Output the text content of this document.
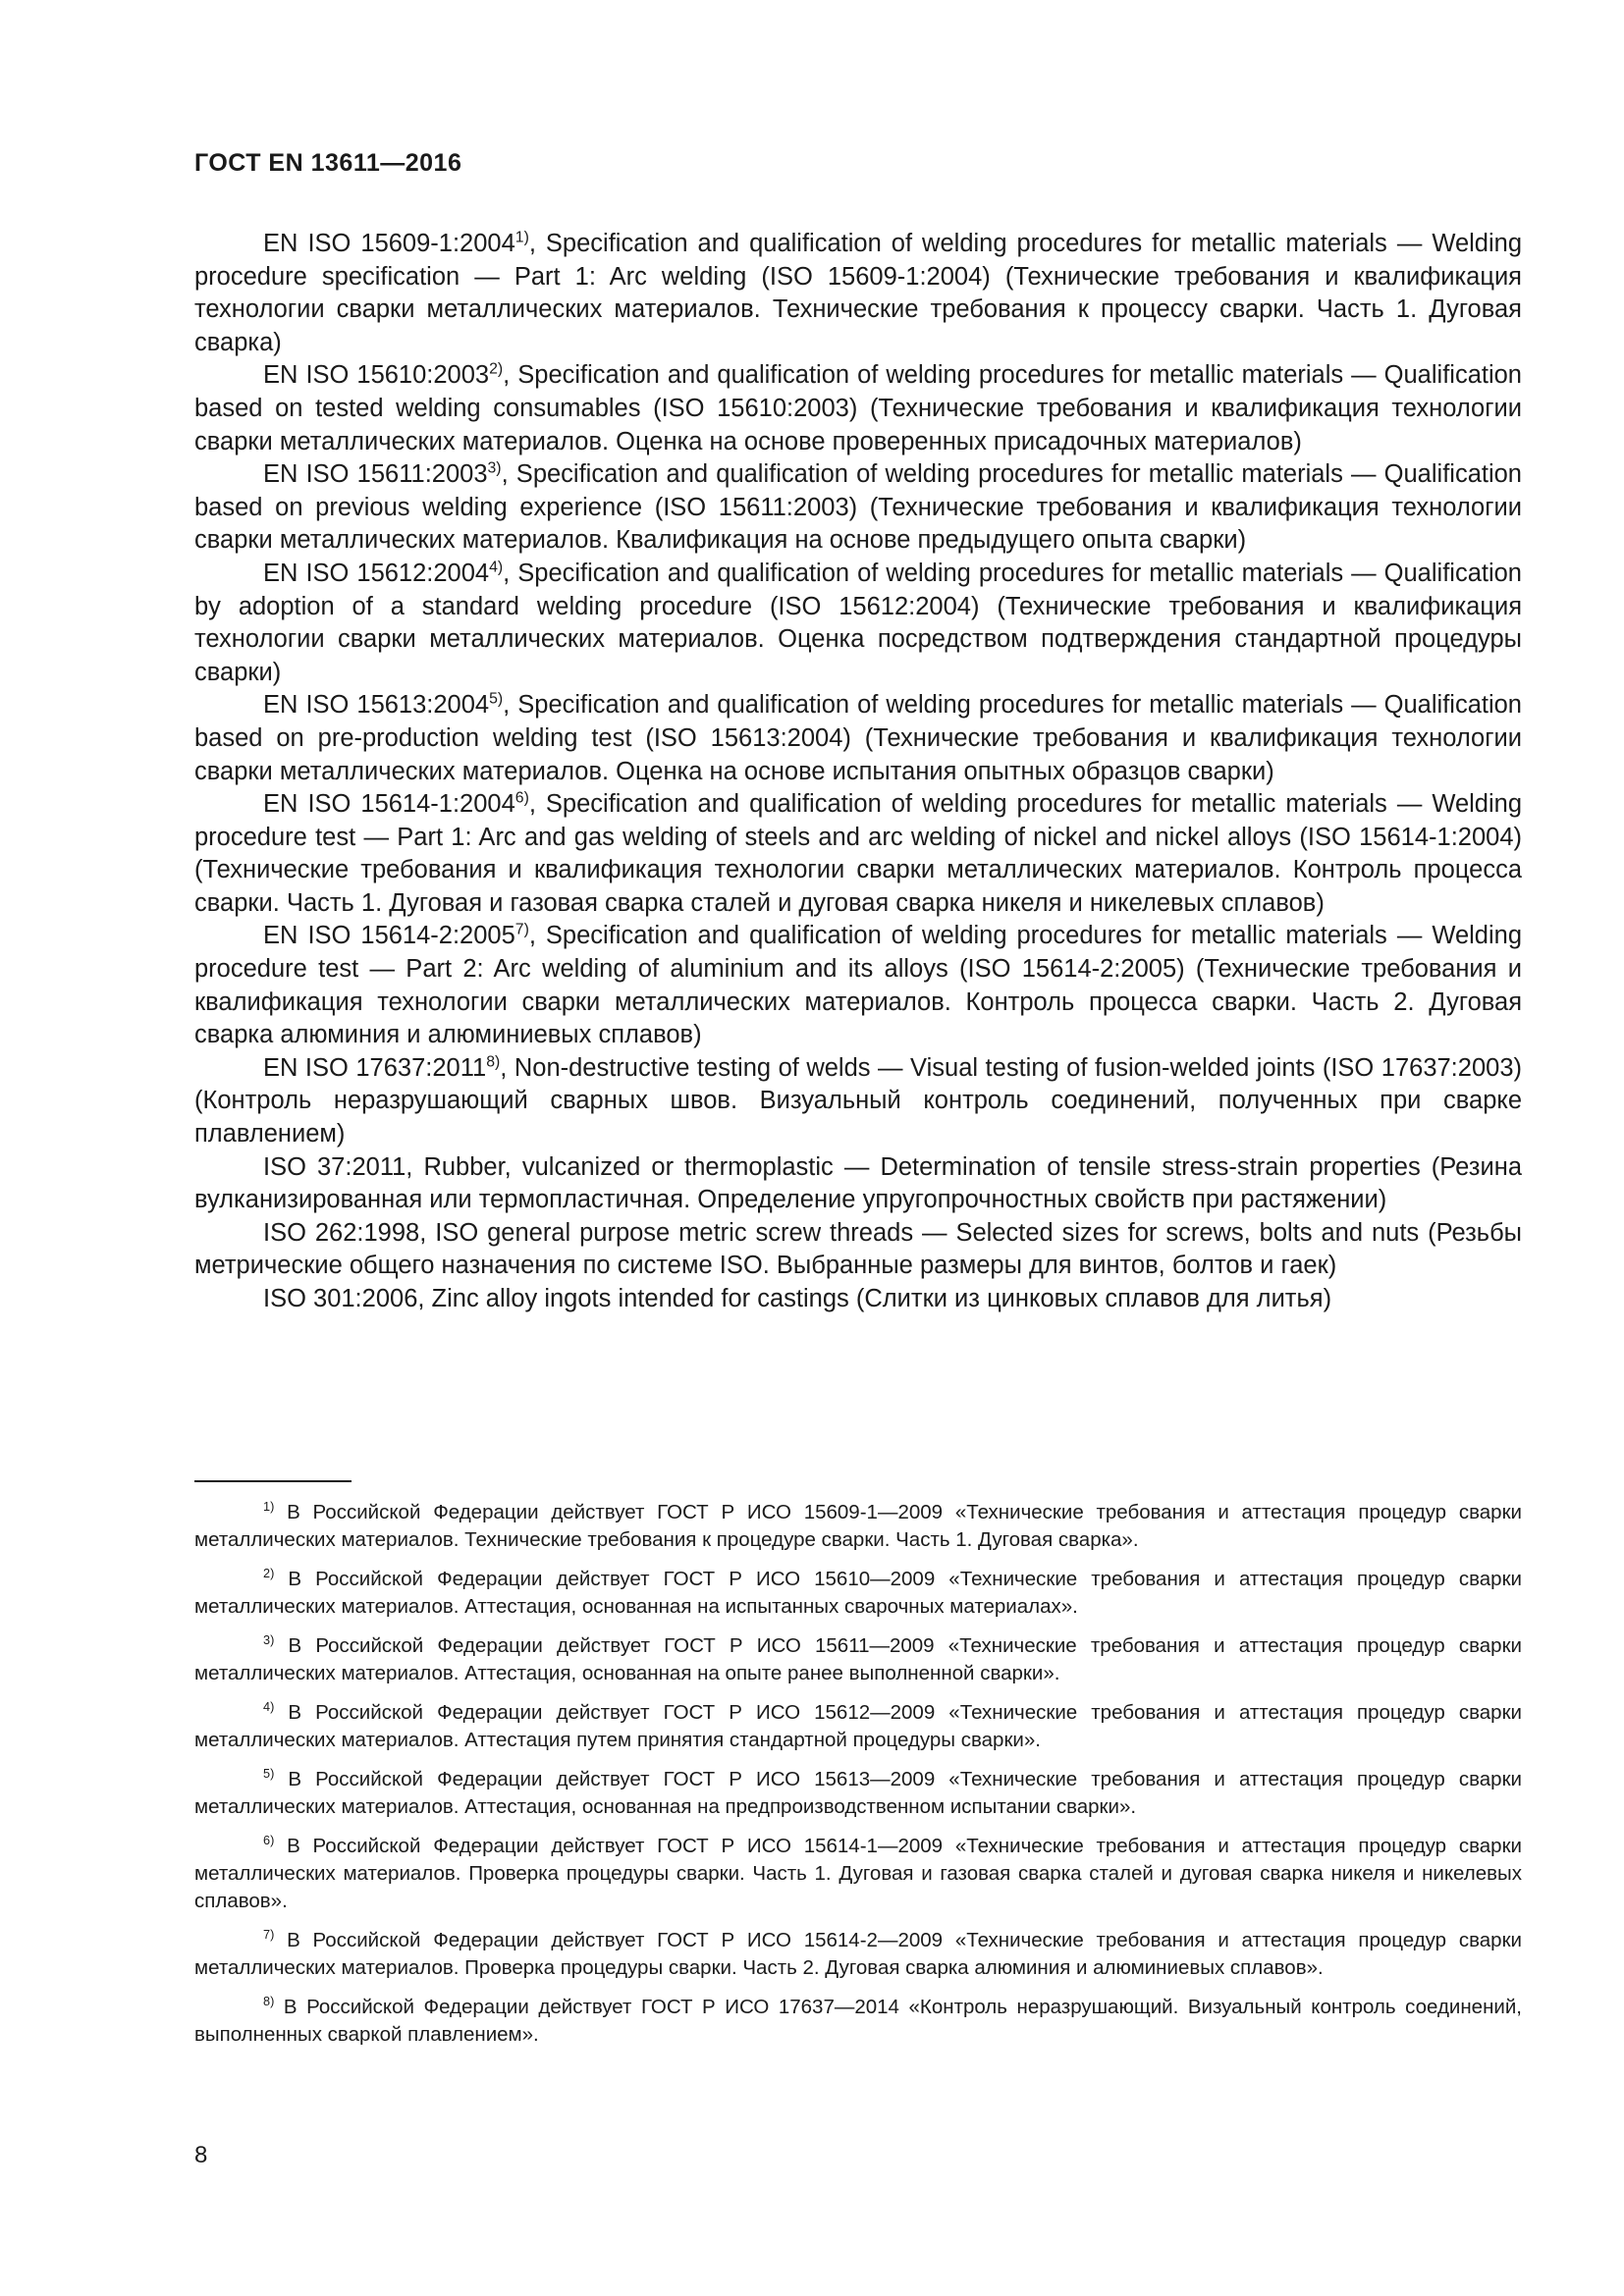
ГОСТ EN 13611—2016

EN ISO 15609-1:2004$^{1)}$, Specification and qualification of welding procedures for metallic materials — Welding procedure specification — Part 1: Arc welding (ISO 15609-1:2004) (Технические требования и квалификация технологии сварки металлических материалов. Технические требования к процессу сварки. Часть 1. Дуговая сварка)

EN ISO 15610:2003$^{2)}$, Specification and qualification of welding procedures for metallic materials — Qualification based on tested welding consumables (ISO 15610:2003) (Технические требования и квалификация технологии сварки металлических материалов. Оценка на основе проверенных присадочных материалов)

EN ISO 15611:2003$^{3)}$, Specification and qualification of welding procedures for metallic materials — Qualification based on previous welding experience (ISO 15611:2003) (Технические требования и квалификация технологии сварки металлических материалов. Квалификация на основе предыдущего опыта сварки)

EN ISO 15612:2004$^{4)}$, Specification and qualification of welding procedures for metallic materials — Qualification by adoption of a standard welding procedure (ISO 15612:2004) (Технические требования и квалификация технологии сварки металлических материалов. Оценка посредством подтверждения стандартной процедуры сварки)

EN ISO 15613:2004$^{5)}$, Specification and qualification of welding procedures for metallic materials — Qualification based on pre-production welding test (ISO 15613:2004) (Технические требования и квалификация технологии сварки металлических материалов. Оценка на основе испытания опытных образцов сварки)

EN ISO 15614-1:2004$^{6)}$, Specification and qualification of welding procedures for metallic materials — Welding procedure test — Part 1: Arc and gas welding of steels and arc welding of nickel and nickel alloys (ISO 15614-1:2004) (Технические требования и квалификация технологии сварки металлических материалов. Контроль процесса сварки. Часть 1. Дуговая и газовая сварка сталей и дуговая сварка никеля и никелевых сплавов)

EN ISO 15614-2:2005$^{7)}$, Specification and qualification of welding procedures for metallic materials — Welding procedure test — Part 2: Arc welding of aluminium and its alloys (ISO 15614-2:2005) (Технические требования и квалификация технологии сварки металлических материалов. Контроль процесса сварки. Часть 2. Дуговая сварка алюминия и алюминиевых сплавов)

EN ISO 17637:2011$^{8)}$, Non-destructive testing of welds — Visual testing of fusion-welded joints (ISO 17637:2003) (Контроль неразрушающий сварных швов. Визуальный контроль соединений, полученных при сварке плавлением)

ISO 37:2011, Rubber, vulcanized or thermoplastic — Determination of tensile stress-strain properties (Резина вулканизированная или термопластичная. Определение упругопрочностных свойств при растяжении)

ISO 262:1998, ISO general purpose metric screw threads — Selected sizes for screws, bolts and nuts (Резьбы метрические общего назначения по системе ISO. Выбранные размеры для винтов, болтов и гаек)

ISO 301:2006, Zinc alloy ingots intended for castings (Слитки из цинковых сплавов для литья)

$^{1)}$ В Российской Федерации действует ГОСТ Р ИСО 15609-1—2009 «Технические требования и аттестация процедур сварки металлических материалов. Технические требования к процедуре сварки. Часть 1. Дуговая сварка».

$^{2)}$ В Российской Федерации действует ГОСТ Р ИСО 15610—2009 «Технические требования и аттестация процедур сварки металлических материалов. Аттестация, основанная на испытанных сварочных материалах».

$^{3)}$ В Российской Федерации действует ГОСТ Р ИСО 15611—2009 «Технические требования и аттестация процедур сварки металлических материалов. Аттестация, основанная на опыте ранее выполненной сварки».

$^{4)}$ В Российской Федерации действует ГОСТ Р ИСО 15612—2009 «Технические требования и аттестация процедур сварки металлических материалов. Аттестация путем принятия стандартной процедуры сварки».

$^{5)}$ В Российской Федерации действует ГОСТ Р ИСО 15613—2009 «Технические требования и аттестация процедур сварки металлических материалов. Аттестация, основанная на предпроизводственном испытании сварки».

$^{6)}$ В Российской Федерации действует ГОСТ Р ИСО 15614-1—2009 «Технические требования и аттестация процедур сварки металлических материалов. Проверка процедуры сварки. Часть 1. Дуговая и газовая сварка сталей и дуговая сварка никеля и никелевых сплавов».

$^{7)}$ В Российской Федерации действует ГОСТ Р ИСО 15614-2—2009 «Технические требования и аттестация процедур сварки металлических материалов. Проверка процедуры сварки. Часть 2. Дуговая сварка алюминия и алюминиевых сплавов».

$^{8)}$ В Российской Федерации действует ГОСТ Р ИСО 17637—2014 «Контроль неразрушающий. Визуальный контроль соединений, выполненных сваркой плавлением».

8
